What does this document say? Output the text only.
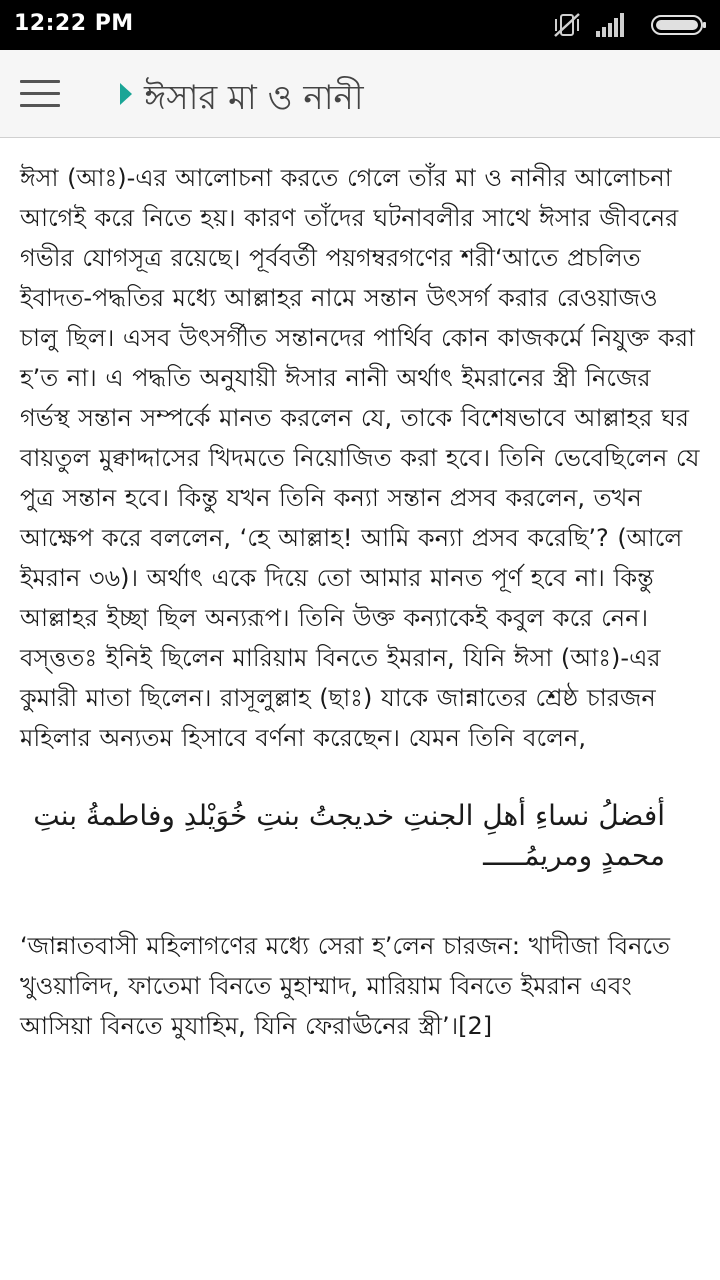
12:22 PM
ঈসার মা ও নানী

ঈসা (আঃ)-এর আলোচনা করতে গেলে তাঁর মা ও নানীর আলোচনা আগেই করে নিতে হয়। কারণ তাঁদের ঘটনাবলীর সাথে ঈসার জীবনের গভীর যোগসূত্র রয়েছে। পূর্ববর্তী পয়গম্বরগণের শরী‘আতে প্রচলিত ইবাদত-পদ্ধতির মধ্যে আল্লাহর নামে সন্তান উৎসর্গ করার রেওয়াজও চালু ছিল। এসব উৎসর্গীত সন্তানদের পার্থিব কোন কাজকর্মে নিযুক্ত করা হ’ত না। এ পদ্ধতি অনুযায়ী ঈসার নানী অর্থাৎ ইমরানের স্ত্রী নিজের গর্ভস্থ সন্তান সম্পর্কে মানত করলেন যে, তাকে বিশেষভাবে আল্লাহর ঘর বায়তুল মুক্বাদ্দাসের খিদমতে নিয়োজিত করা হবে। তিনি ভেবেছিলেন যে পুত্র সন্তান হবে। কিন্তু যখন তিনি কন্যা সন্তান প্রসব করলেন, তখন আক্ষেপ করে বললেন, ‘হে আল্লাহ! আমি কন্যা প্রসব করেছি’? (আলে ইমরান ৩৬)। অর্থাৎ একে দিয়ে তো আমার মানত পূর্ণ হবে না। কিন্তু আল্লাহর ইচ্ছা ছিল অন্যরূপ। তিনি উক্ত কন্যাকেই কবুল করে নেন। বস্ত্ততঃ ইনিই ছিলেন মারিয়াম বিনতে ইমরান, যিনি ঈসা (আঃ)-এর কুমারী মাতা ছিলেন। রাসূলুল্লাহ (ছাঃ) যাকে জান্নাতের শ্রেষ্ঠ চারজন মহিলার অন্যতম হিসাবে বর্ণনা করেছেন। যেমন তিনি বলেন,

أفضلُ نساءِ أهلِ الجنتِ خديجتُ بنتِ خُوَيْلدِ وفاطمةُ بنتِ محمدٍ ومريمُـــــ

‘জান্নাতবাসী মহিলাগণের মধ্যে সেরা হ’লেন চারজন: খাদীজা বিনতে খুওয়ালিদ, ফাতেমা বিনতে মুহাম্মাদ, মারিয়াম বিনতে ইমরান এবং আসিয়া বিনতে মুযাহিম, যিনি ফেরাঊনের স্ত্রী’।[2]
